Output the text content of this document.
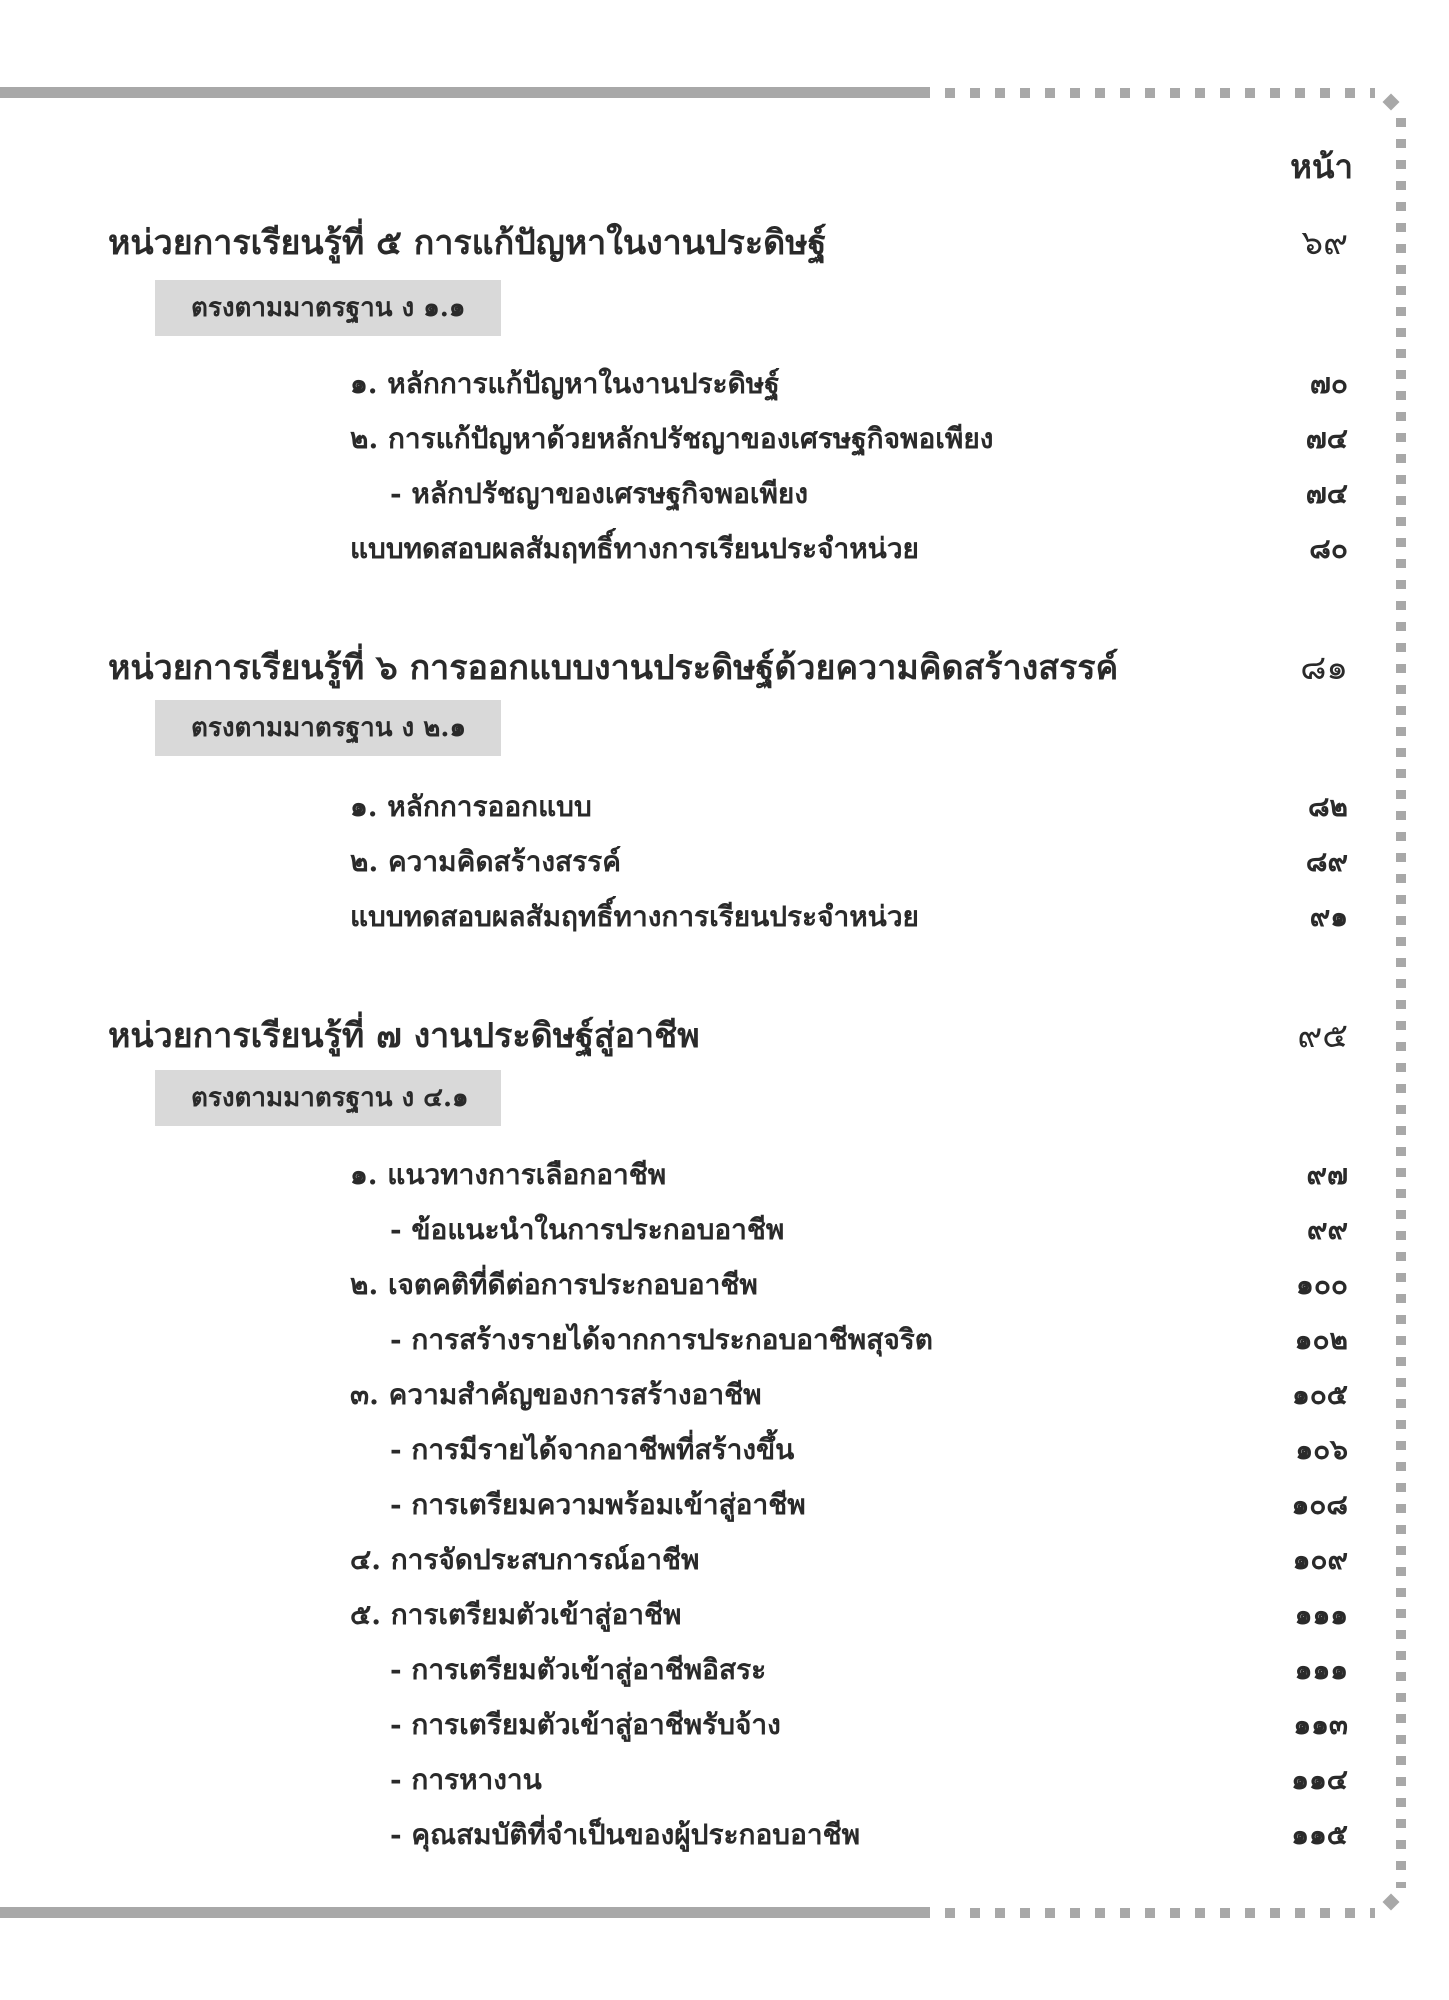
หน้า
หน่วยการเรียนรู้ที่ ๕ การแก้ปัญหาในงานประดิษฐ์	๖๙
ตรงตามมาตรฐาน ง ๑.๑
๑. หลักการแก้ปัญหาในงานประดิษฐ์	๗๐
๒. การแก้ปัญหาด้วยหลักปรัชญาของเศรษฐกิจพอเพียง	๗๔
- หลักปรัชญาของเศรษฐกิจพอเพียง	๗๔
แบบทดสอบผลสัมฤทธิ์ทางการเรียนประจำหน่วย	๘๐
หน่วยการเรียนรู้ที่ ๖ การออกแบบงานประดิษฐ์ด้วยความคิดสร้างสรรค์	๘๑
ตรงตามมาตรฐาน ง ๒.๑
๑. หลักการออกแบบ	๘๒
๒. ความคิดสร้างสรรค์	๘๙
แบบทดสอบผลสัมฤทธิ์ทางการเรียนประจำหน่วย	๙๑
หน่วยการเรียนรู้ที่ ๗ งานประดิษฐ์สู่อาชีพ	๙๕
ตรงตามมาตรฐาน ง ๔.๑
๑. แนวทางการเลือกอาชีพ	๙๗
- ข้อแนะนำในการประกอบอาชีพ	๙๙
๒. เจตคติที่ดีต่อการประกอบอาชีพ	๑๐๐
- การสร้างรายได้จากการประกอบอาชีพสุจริต	๑๐๒
๓. ความสำคัญของการสร้างอาชีพ	๑๐๕
- การมีรายได้จากอาชีพที่สร้างขึ้น	๑๐๖
- การเตรียมความพร้อมเข้าสู่อาชีพ	๑๐๘
๔. การจัดประสบการณ์อาชีพ	๑๐๙
๕. การเตรียมตัวเข้าสู่อาชีพ	๑๑๑
- การเตรียมตัวเข้าสู่อาชีพอิสระ	๑๑๑
- การเตรียมตัวเข้าสู่อาชีพรับจ้าง	๑๑๓
- การหางาน	๑๑๔
- คุณสมบัติที่จำเป็นของผู้ประกอบอาชีพ	๑๑๕
